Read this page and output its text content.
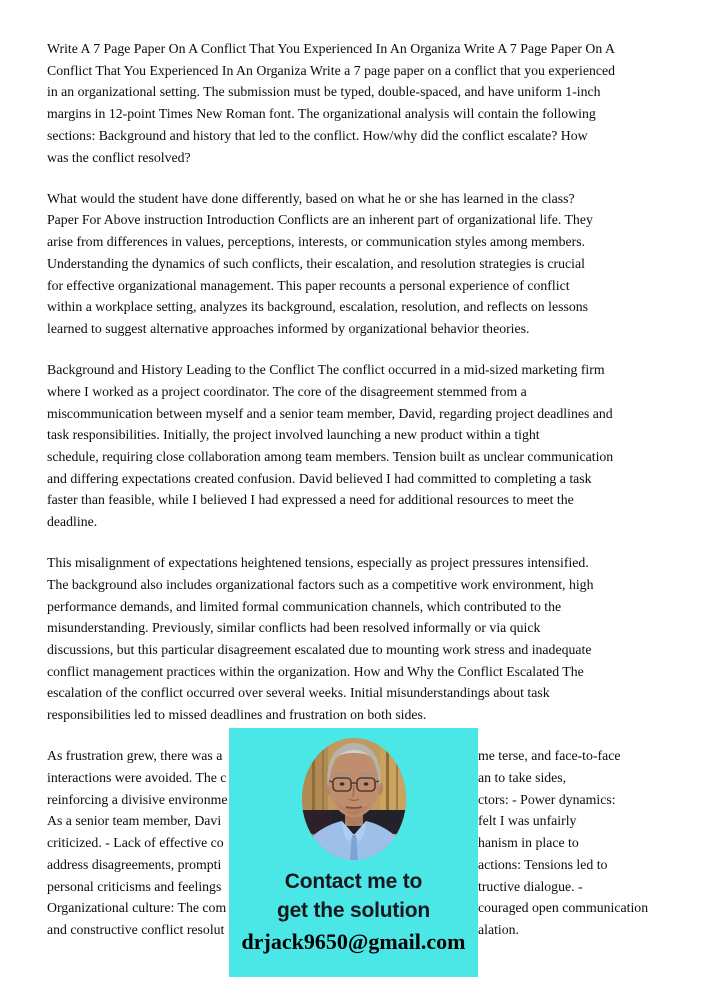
Write A 7 Page Paper On A Conflict That You Experienced In An Organiza Write A 7 Page Paper On A
Conflict That You Experienced In An Organiza Write a 7 page paper on a conflict that you experienced
in an organizational setting. The submission must be typed, double-spaced, and have uniform 1-inch
margins in 12-point Times New Roman font. The organizational analysis will contain the following
sections: Background and history that led to the conflict. How/why did the conflict escalate? How
was the conflict resolved?
What would the student have done differently, based on what he or she has learned in the class?
Paper For Above instruction Introduction Conflicts are an inherent part of organizational life. They
arise from differences in values, perceptions, interests, or communication styles among members.
Understanding the dynamics of such conflicts, their escalation, and resolution strategies is crucial
for effective organizational management. This paper recounts a personal experience of conflict
within a workplace setting, analyzes its background, escalation, resolution, and reflects on lessons
learned to suggest alternative approaches informed by organizational behavior theories.
Background and History Leading to the Conflict The conflict occurred in a mid-sized marketing firm
where I worked as a project coordinator. The core of the disagreement stemmed from a
miscommunication between myself and a senior team member, David, regarding project deadlines and
task responsibilities. Initially, the project involved launching a new product within a tight
schedule, requiring close collaboration among team members. Tension built as unclear communication
and differing expectations created confusion. David believed I had committed to completing a task
faster than feasible, while I believed I had expressed a need for additional resources to meet the
deadline.
This misalignment of expectations heightened tensions, especially as project pressures intensified.
The background also includes organizational factors such as a competitive work environment, high
performance demands, and limited formal communication channels, which contributed to the
misunderstanding. Previously, similar conflicts had been resolved informally or via quick
discussions, but this particular disagreement escalated due to mounting work stress and inadequate
conflict management practices within the organization. How and Why the Conflict Escalated The
escalation of the conflict occurred over several weeks. Initial misunderstandings about task
responsibilities led to missed deadlines and frustration on both sides.
As frustration grew, there was a	me terse, and face-to-face
interactions were avoided. The c	an to take sides,
reinforcing a divisive environme	ctors: - Power dynamics:
As a senior team member, Davi	felt I was unfairly
criticized. - Lack of effective co	hanism in place to
address disagreements, prompti	actions: Tensions led to
personal criticisms and feelings	tructive dialogue. -
Organizational culture: The com	couraged open communication
and constructive conflict resolut	alation.
Contact me to
get the solution
drjack9650@gmail.com
